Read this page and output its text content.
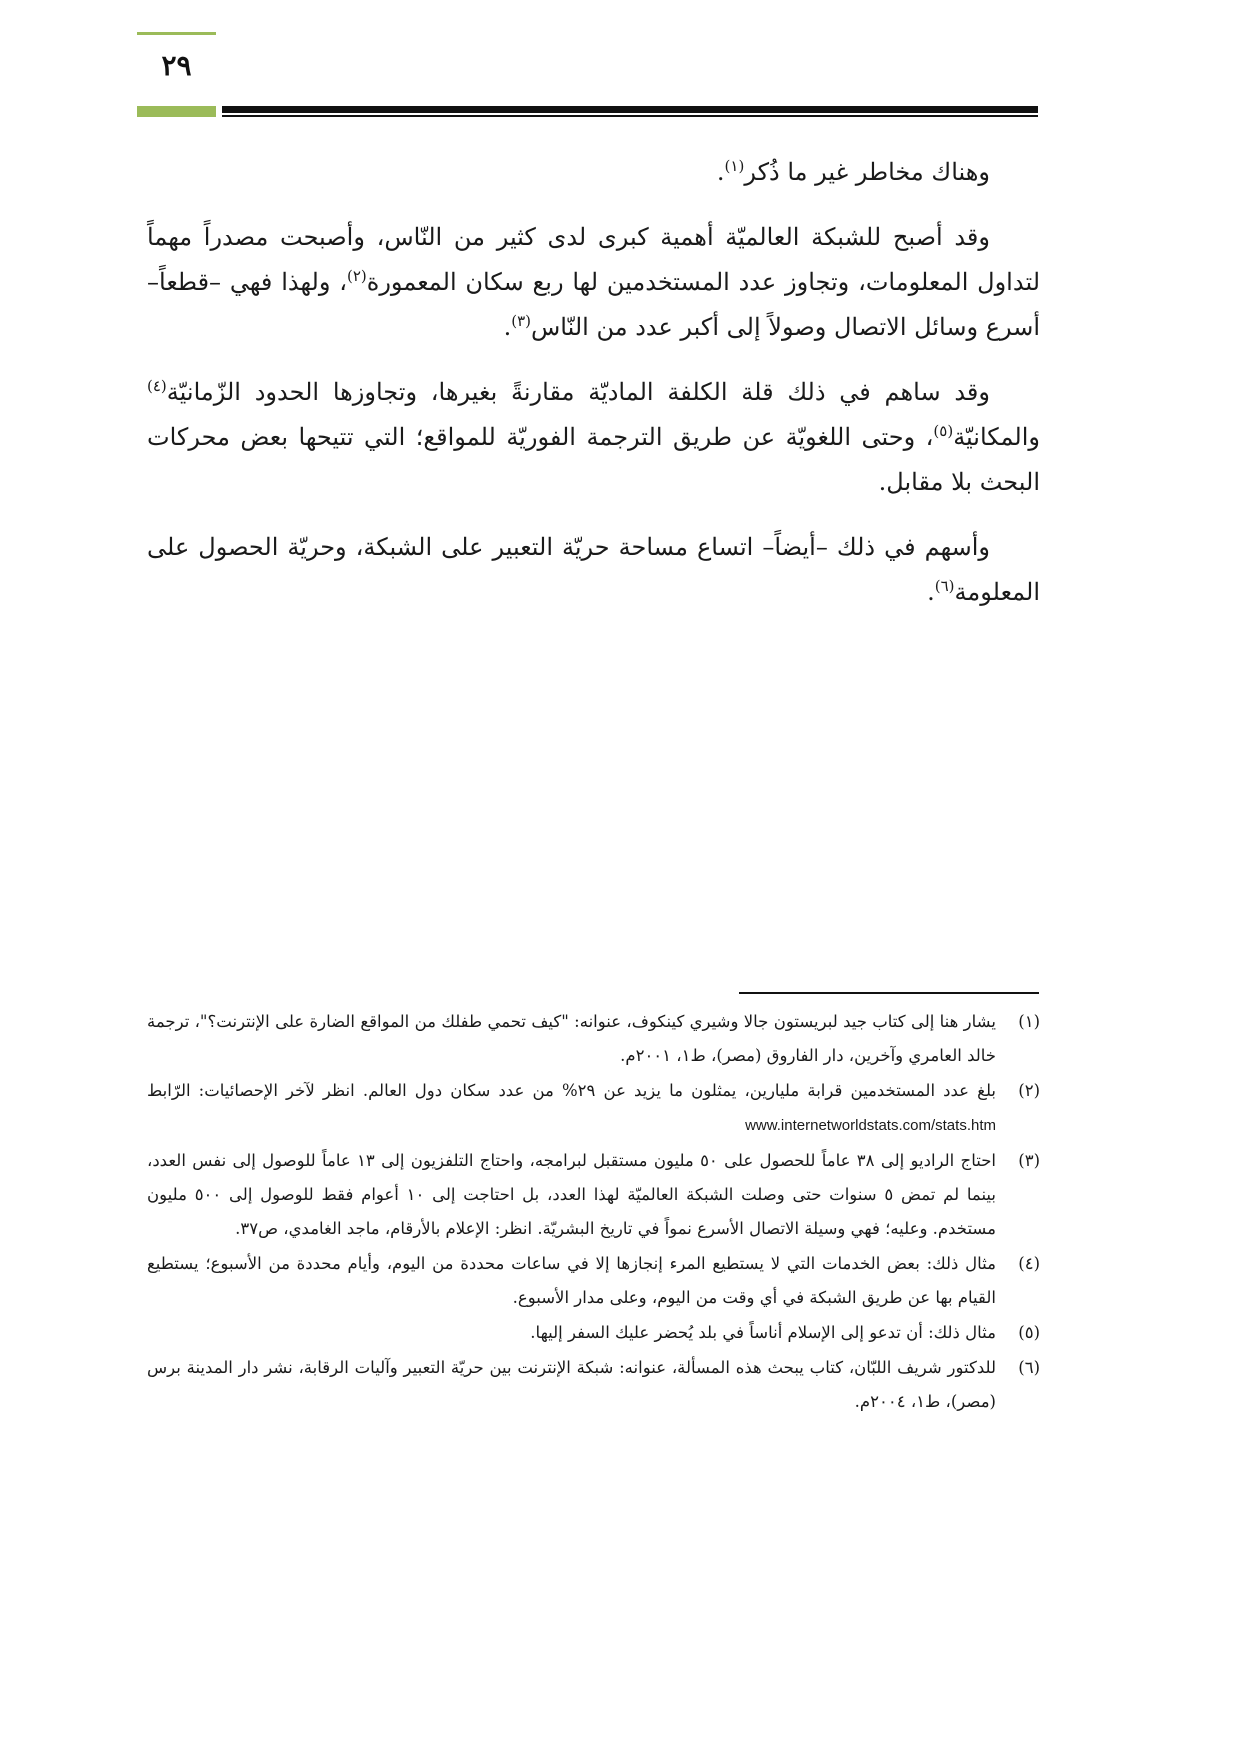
٢٩

وهناك مخاطر غير ما ذُكر$^{(١)}$.

وقد أصبح للشبكة العالميّة أهمية كبرى لدى كثير من النّاس، وأصبحت مصدراً مهماً لتداول المعلومات، وتجاوز عدد المستخدمين لها ربع سكان المعمورة$^{(٢)}$، ولهذا فهي –قطعاً– أسرع وسائل الاتصال وصولاً إلى أكبر عدد من النّاس$^{(٣)}$.

وقد ساهم في ذلك قلة الكلفة الماديّة مقارنةً بغيرها، وتجاوزها الحدود الزّمانيّة$^{(٤)}$ والمكانيّة$^{(٥)}$، وحتى اللغويّة عن طريق الترجمة الفوريّة للمواقع؛ التي تتيحها بعض محركات البحث بلا مقابل.

وأسهم في ذلك –أيضاً– اتساع مساحة حريّة التعبير على الشبكة، وحريّة الحصول على المعلومة$^{(٦)}$.

(١)
يشار هنا إلى كتاب جيد لبريستون جالا وشيري كينكوف، عنوانه: "كيف تحمي طفلك من المواقع الضارة على الإنترنت؟"، ترجمة خالد العامري وآخرين، دار الفاروق (مصر)، ط١، ٢٠٠١م.
(٢)
بلغ عدد المستخدمين قرابة مليارين، يمثلون ما يزيد عن ٢٩% من عدد سكان دول العالم. انظر لآخر الإحصائيات: الرّابط www.internetworldstats.com/stats.htm
(٣)
احتاج الراديو إلى ٣٨ عاماً للحصول على ٥٠ مليون مستقبل لبرامجه، واحتاج التلفزيون إلى ١٣ عاماً للوصول إلى نفس العدد، بينما لم تمض ٥ سنوات حتى وصلت الشبكة العالميّة لهذا العدد، بل احتاجت إلى ١٠ أعوام فقط للوصول إلى ٥٠٠ مليون مستخدم. وعليه؛ فهي وسيلة الاتصال الأسرع نمواً في تاريخ البشريّة. انظر: الإعلام بالأرقام، ماجد الغامدي، ص٣٧.
(٤)
مثال ذلك: بعض الخدمات التي لا يستطيع المرء إنجازها إلا في ساعات محددة من اليوم، وأيام محددة من الأسبوع؛ يستطيع القيام بها عن طريق الشبكة في أي وقت من اليوم، وعلى مدار الأسبوع.
(٥)
مثال ذلك: أن تدعو إلى الإسلام أناساً في بلد يُحضر عليك السفر إليها.
(٦)
للدكتور شريف اللبّان، كتاب يبحث هذه المسألة، عنوانه: شبكة الإنترنت بين حريّة التعبير وآليات الرقابة، نشر دار المدينة برس (مصر)، ط١، ٢٠٠٤م.
